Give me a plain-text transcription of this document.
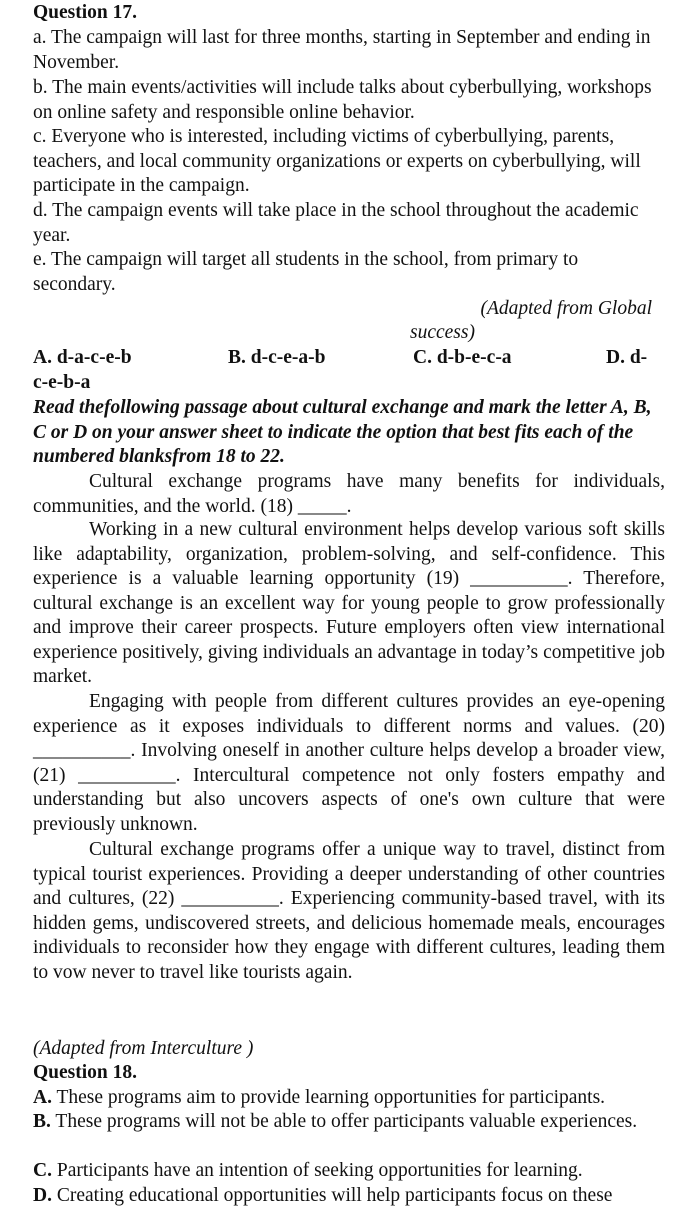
Question 17.

a. The campaign will last for three months, starting in September and ending in November.

b. The main events/activities will include talks about cyberbullying, workshops on online safety and responsible online behavior.

c. Everyone who is interested, including victims of cyberbullying, parents, teachers, and local community organizations or experts on cyberbullying, will participate in the campaign.

d. The campaign events will take place in the school throughout the academic year.

e. The campaign will target all students in the school, from primary to secondary.

(Adapted from Global
success)
A. d-a-c-e-b	B. d-c-e-a-b	C. d-b-e-c-a	D. d-
c-e-b-a

Read thefollowing passage about cultural exchange and mark the letter A, B, C or D on your answer sheet to indicate the option that best fits each of the numbered blanksfrom 18 to 22.

Cultural exchange programs have many benefits for individuals, communities, and the world. (18) _____.

Working in a new cultural environment helps develop various soft skills like adaptability, organization, problem-solving, and self-confidence. This experience is a valuable learning opportunity (19) __________. Therefore, cultural exchange is an excellent way for young people to grow professionally and improve their career prospects. Future employers often view international experience positively, giving individuals an advantage in today’s competitive job market.

Engaging with people from different cultures provides an eye-opening experience as it exposes individuals to different norms and values. (20) __________. Involving oneself in another culture helps develop a broader view, (21) __________. Intercultural competence not only fosters empathy and understanding but also uncovers aspects of one's own culture that were previously unknown.

Cultural exchange programs offer a unique way to travel, distinct from typical tourist experiences. Providing a deeper understanding of other countries and cultures, (22) __________. Experiencing community-based travel, with its hidden gems, undiscovered streets, and delicious homemade meals, encourages individuals to reconsider how they engage with different cultures, leading them to vow never to travel like tourists again.

(Adapted from Interculture )
Question 18.

A. These programs aim to provide learning opportunities for participants.

B. These programs will not be able to offer participants valuable experiences.

C. Participants have an intention of seeking opportunities for learning.

D. Creating educational opportunities will help participants focus on these
